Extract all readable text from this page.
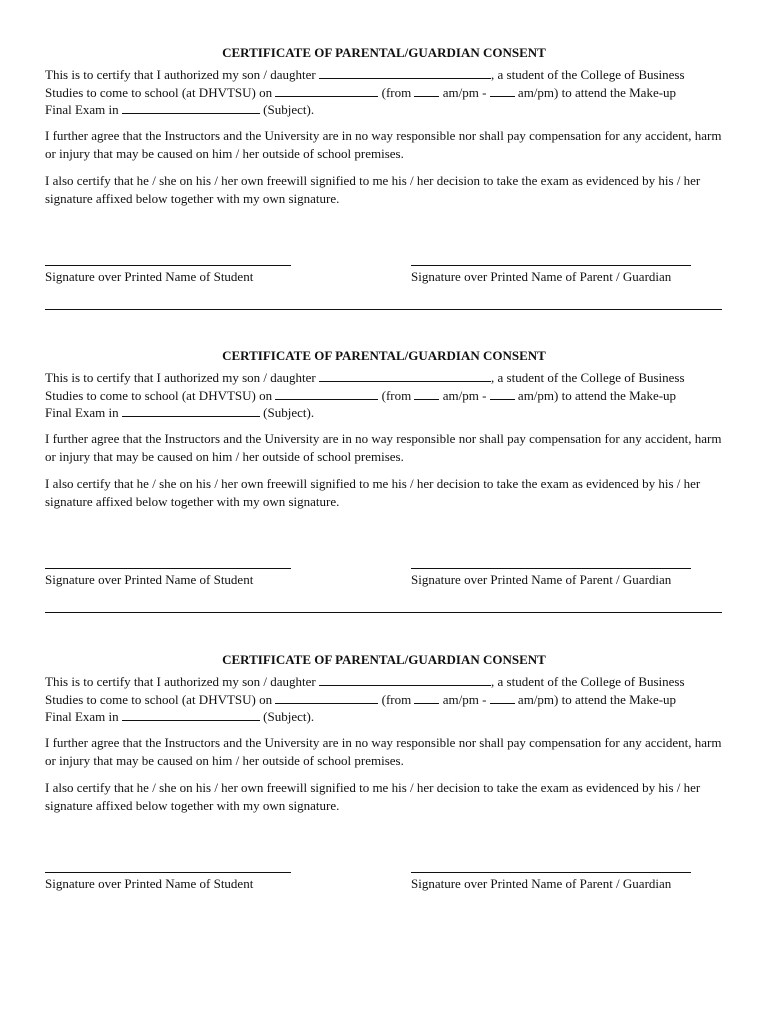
CERTIFICATE OF PARENTAL/GUARDIAN CONSENT
This is to certify that I authorized my son / daughter	, a student of the College of Business
Studies to come to school (at DHVTSU) on	(from am/pm - am/pm) to attend the Make-up
Final Exam in	(Subject).
I further agree that the Instructors and the University are in no way responsible nor shall pay compensation for any accident, harm or injury that may be caused on him / her outside of school premises.
I also certify that he / she on his / her own freewill signified to me his / her decision to take the exam as evidenced by his / her signature affixed below together with my own signature.
Signature over Printed Name of Student	Signature over Printed Name of Parent / Guardian
CERTIFICATE OF PARENTAL/GUARDIAN CONSENT
This is to certify that I authorized my son / daughter	, a student of the College of Business
Studies to come to school (at DHVTSU) on	(from am/pm - am/pm) to attend the Make-up
Final Exam in	(Subject).
I further agree that the Instructors and the University are in no way responsible nor shall pay compensation for any accident, harm or injury that may be caused on him / her outside of school premises.
I also certify that he / she on his / her own freewill signified to me his / her decision to take the exam as evidenced by his / her signature affixed below together with my own signature.
Signature over Printed Name of Student	Signature over Printed Name of Parent / Guardian
CERTIFICATE OF PARENTAL/GUARDIAN CONSENT
This is to certify that I authorized my son / daughter	, a student of the College of Business
Studies to come to school (at DHVTSU) on	(from am/pm - am/pm) to attend the Make-up
Final Exam in	(Subject).
I further agree that the Instructors and the University are in no way responsible nor shall pay compensation for any accident, harm or injury that may be caused on him / her outside of school premises.
I also certify that he / she on his / her own freewill signified to me his / her decision to take the exam as evidenced by his / her signature affixed below together with my own signature.
Signature over Printed Name of Student	Signature over Printed Name of Parent / Guardian
